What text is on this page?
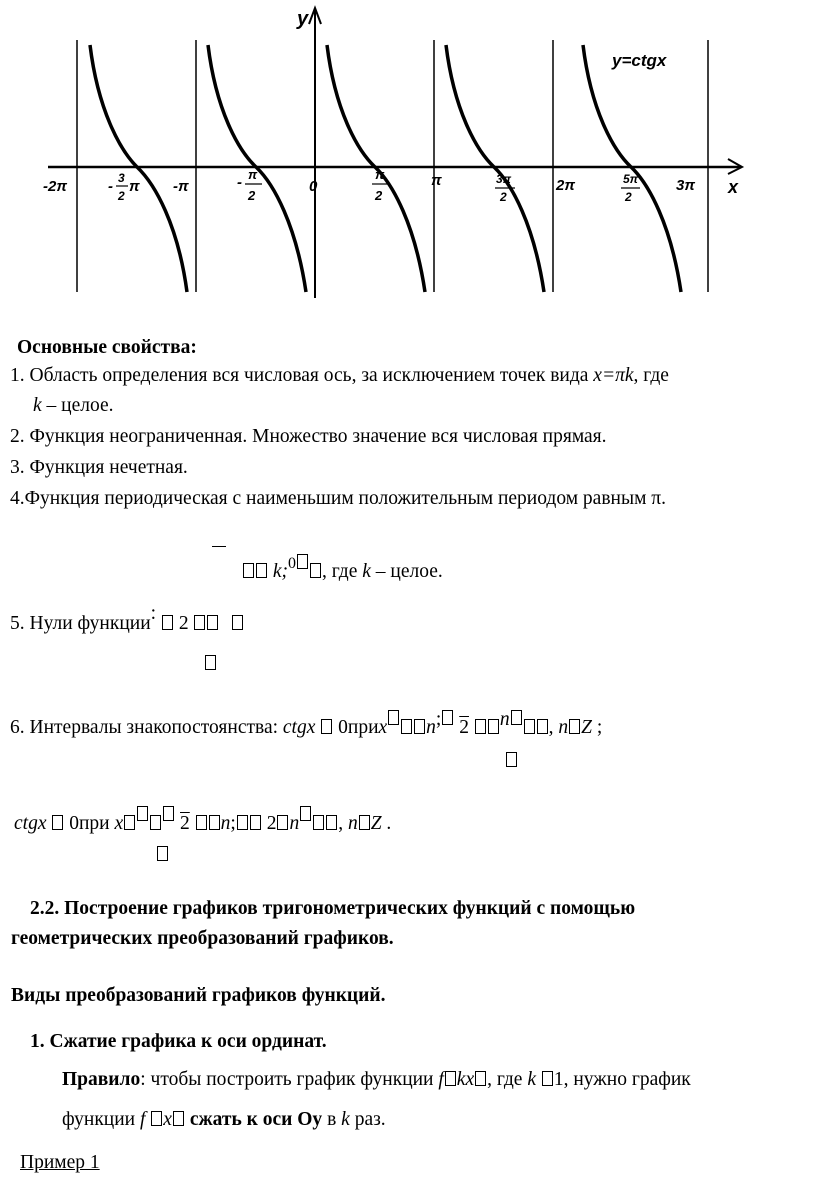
y
x
y=ctgx
-2π	- 3
2
π -π	- π
2
0
π
2
π	3π
2
2π	5π
2
3π
Основные свойства:
1. Область определения вся числовая ось, за исключением точек вида x=πk, где
k – целое.
2. Функция неограниченная. Множество значение вся числовая прямая.
3. Функция нечетная.
4.Функция периодическая с наименьшим положительным периодом равным π.
k;$^0$ , где k – целое.
5. Нули функции: 2
6. Интервалы знакопостоянства: ctgx 0приx n; 2 n , n Z ;
ctgx 0при x	2 n; 2 n , n Z .
2.2. Построение графиков тригонометрических функций с помощью
геометрических преобразований графиков.
Виды преобразований графиков функций.
1. Сжатие графика к оси ординат.
Правило: чтобы построить график функции f kx , где k 1, нужно график
функции f x сжать к оси Оу в k раз.
Пример 1
